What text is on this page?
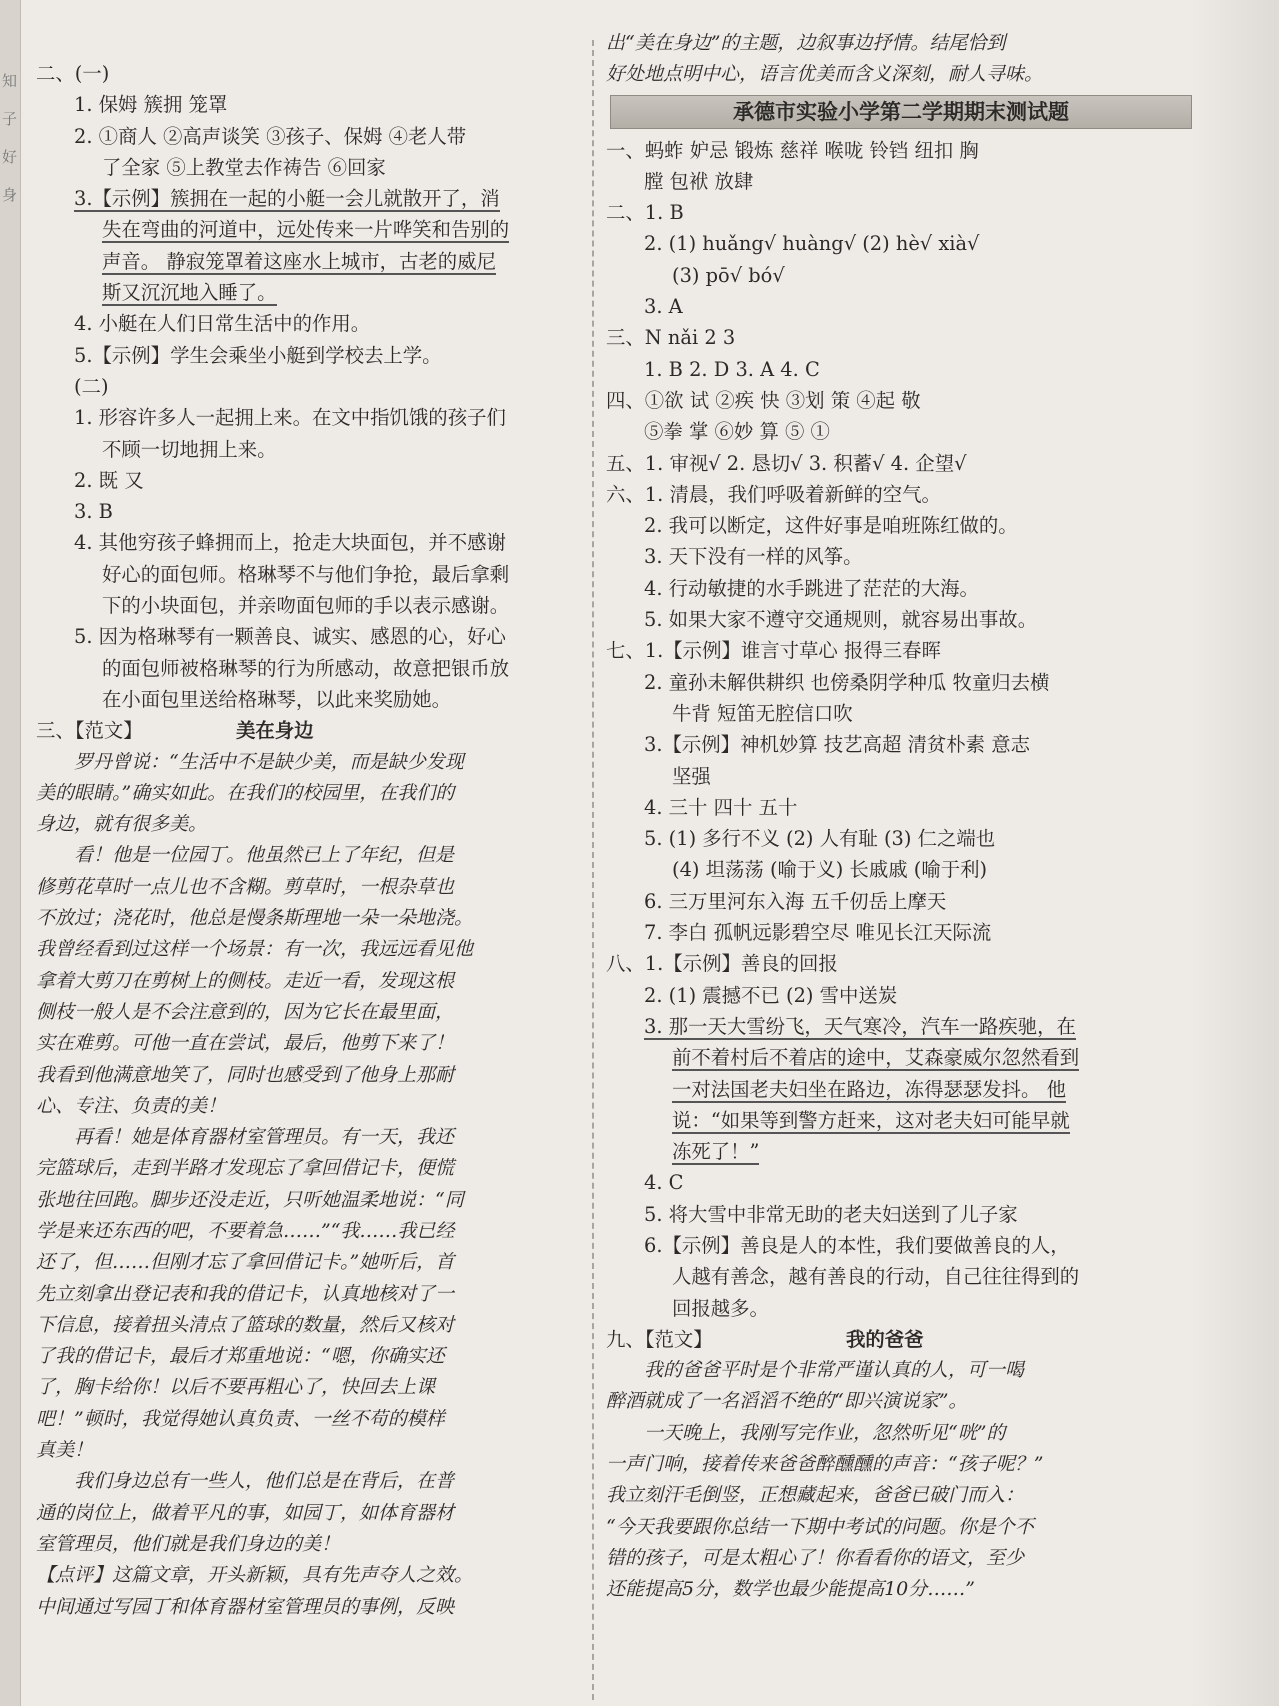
知
子
好
身
二、(一)
1. 保姆 簇拥 笼罩
2. ①商人 ②高声谈笑 ③孩子、保姆 ④老人带
了全家 ⑤上教堂去作祷告 ⑥回家
3.【示例】簇拥在一起的小艇一会儿就散开了，消
失在弯曲的河道中，远处传来一片哗笑和告别的
声音。 静寂笼罩着这座水上城市，古老的威尼
斯又沉沉地入睡了。
4. 小艇在人们日常生活中的作用。
5.【示例】学生会乘坐小艇到学校去上学。
(二)
1. 形容许多人一起拥上来。在文中指饥饿的孩子们
不顾一切地拥上来。
2. 既 又
3. B
4. 其他穷孩子蜂拥而上，抢走大块面包，并不感谢
好心的面包师。格琳琴不与他们争抢，最后拿剩
下的小块面包，并亲吻面包师的手以表示感谢。
5. 因为格琳琴有一颗善良、诚实、感恩的心，好心
的面包师被格琳琴的行为所感动，故意把银币放
在小面包里送给格琳琴，以此来奖励她。
三、【范文】	美在身边
罗丹曾说：“生活中不是缺少美，而是缺少发现
美的眼睛。”确实如此。在我们的校园里，在我们的
身边，就有很多美。
看！他是一位园丁。他虽然已上了年纪，但是
修剪花草时一点儿也不含糊。剪草时，一根杂草也
不放过；浇花时，他总是慢条斯理地一朵一朵地浇。
我曾经看到过这样一个场景：有一次，我远远看见他
拿着大剪刀在剪树上的侧枝。走近一看，发现这根
侧枝一般人是不会注意到的，因为它长在最里面，
实在难剪。可他一直在尝试，最后，他剪下来了！
我看到他满意地笑了，同时也感受到了他身上那耐
心、专注、负责的美！
再看！她是体育器材室管理员。有一天，我还
完篮球后，走到半路才发现忘了拿回借记卡，便慌
张地往回跑。脚步还没走近，只听她温柔地说：“同
学是来还东西的吧，不要着急……”“我……我已经
还了，但……但刚才忘了拿回借记卡。”她听后，首
先立刻拿出登记表和我的借记卡，认真地核对了一
下信息，接着扭头清点了篮球的数量，然后又核对
了我的借记卡，最后才郑重地说：“嗯，你确实还
了，胸卡给你！以后不要再粗心了，快回去上课
吧！”顿时，我觉得她认真负责、一丝不苟的模样
真美！
我们身边总有一些人，他们总是在背后，在普
通的岗位上，做着平凡的事，如园丁，如体育器材
室管理员，他们就是我们身边的美！
【点评】这篇文章，开头新颖，具有先声夺人之效。
中间通过写园丁和体育器材室管理员的事例，反映
出“美在身边”的主题，边叙事边抒情。结尾恰到
好处地点明中心，语言优美而含义深刻，耐人寻味。
承德市实验小学第二学期期末测试题
一、蚂蚱 妒忌 锻炼 慈祥 喉咙 铃铛 纽扣 胸
膛 包袱 放肆
二、1. B
2. (1) huǎng√ huàng√ (2) hè√ xià√
(3) pō√ bó√
3. A
三、N nǎi 2 3
1. B 2. D 3. A 4. C
四、①欲 试 ②疾 快 ③划 策 ④起 敬
⑤拳 掌 ⑥妙 算 ⑤ ①
五、1. 审视√ 2. 恳切√ 3. 积蓄√ 4. 企望√
六、1. 清晨，我们呼吸着新鲜的空气。
2. 我可以断定，这件好事是咱班陈红做的。
3. 天下没有一样的风筝。
4. 行动敏捷的水手跳进了茫茫的大海。
5. 如果大家不遵守交通规则，就容易出事故。
七、1.【示例】谁言寸草心 报得三春晖
2. 童孙未解供耕织 也傍桑阴学种瓜 牧童归去横
牛背 短笛无腔信口吹
3.【示例】神机妙算 技艺高超 清贫朴素 意志
坚强
4. 三十 四十 五十
5. (1) 多行不义 (2) 人有耻 (3) 仁之端也
(4) 坦荡荡 (喻于义) 长戚戚 (喻于利)
6. 三万里河东入海 五千仞岳上摩天
7. 李白 孤帆远影碧空尽 唯见长江天际流
八、1.【示例】善良的回报
2. (1) 震撼不已 (2) 雪中送炭
3. 那一天大雪纷飞，天气寒冷，汽车一路疾驰，在
前不着村后不着店的途中，艾森豪威尔忽然看到
一对法国老夫妇坐在路边，冻得瑟瑟发抖。 他
说：“如果等到警方赶来，这对老夫妇可能早就
冻死了！”
4. C
5. 将大雪中非常无助的老夫妇送到了儿子家
6.【示例】善良是人的本性，我们要做善良的人，
人越有善念，越有善良的行动，自己往往得到的
回报越多。
九、【范文】	我的爸爸
我的爸爸平时是个非常严谨认真的人，可一喝
醉酒就成了一名滔滔不绝的“即兴演说家”。
一天晚上，我刚写完作业，忽然听见“咣”的
一声门响，接着传来爸爸醉醺醺的声音：“孩子呢？”
我立刻汗毛倒竖，正想藏起来，爸爸已破门而入：
“今天我要跟你总结一下期中考试的问题。你是个不
错的孩子，可是太粗心了！你看看你的语文，至少
还能提高5分，数学也最少能提高10分……”
